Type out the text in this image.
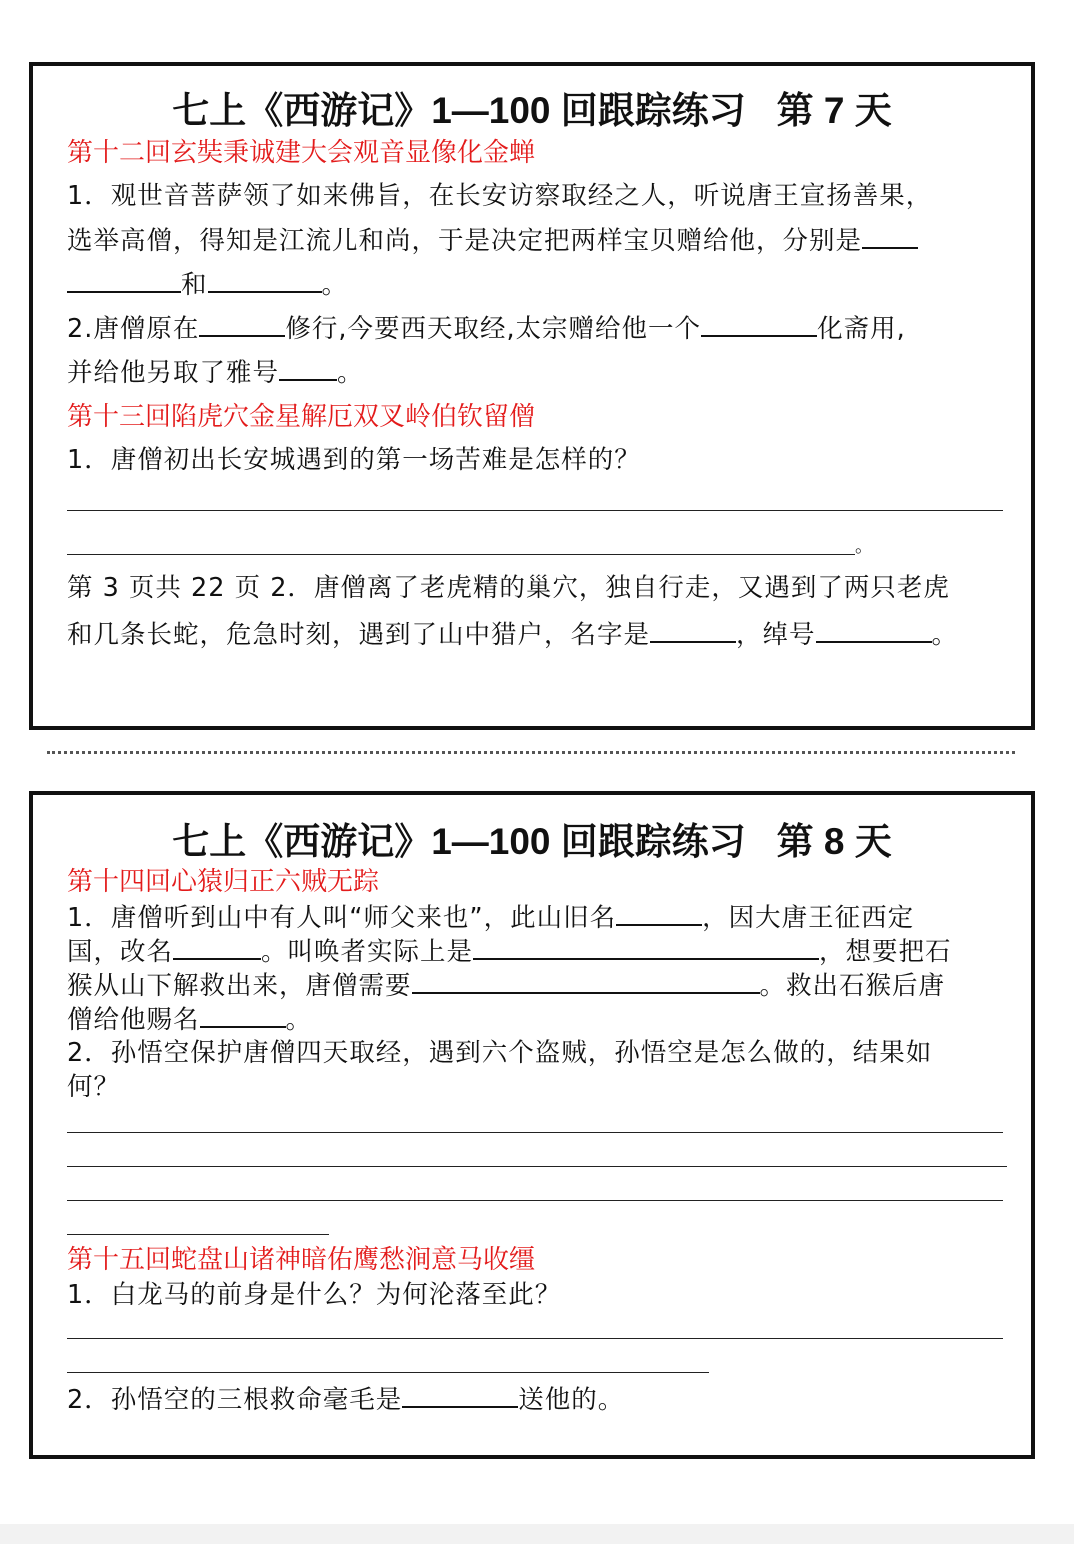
七上《西游记》1—100 回跟踪练习   第 7 天
第十二回玄奘秉诚建大会观音显像化金蝉
1．观世音菩萨领了如来佛旨，在长安访察取经之人，听说唐王宣扬善果，
选举高僧，得知是江流儿和尚，于是决定把两样宝贝赠给他，分别是
和	。
2.唐僧原在	修行,今要西天取经,太宗赠给他一个	化斋用,
并给他另取了雅号 。
第十三回陷虎穴金星解厄双叉岭伯钦留僧
1．唐僧初出长安城遇到的第一场苦难是怎样的？
。
第 3 页共 22 页 2．唐僧离了老虎精的巢穴，独自行走，又遇到了两只老虎
和几条长蛇，危急时刻，遇到了山中猎户，名字是	，绰号	。
七上《西游记》1—100 回跟踪练习   第 8 天
第十四回心猿归正六贼无踪
1．唐僧听到山中有人叫“师父来也”，此山旧名	，因大唐王征西定
国，改名	。叫唤者实际上是	，想要把石
猴从山下解救出来，唐僧需要	。救出石猴后唐
僧给他赐名	。
2．孙悟空保护唐僧四天取经，遇到六个盗贼，孙悟空是怎么做的，结果如
何？
第十五回蛇盘山诸神暗佑鹰愁涧意马收缰
1．白龙马的前身是什么？为何沦落至此？
2．孙悟空的三根救命毫毛是	送他的。
